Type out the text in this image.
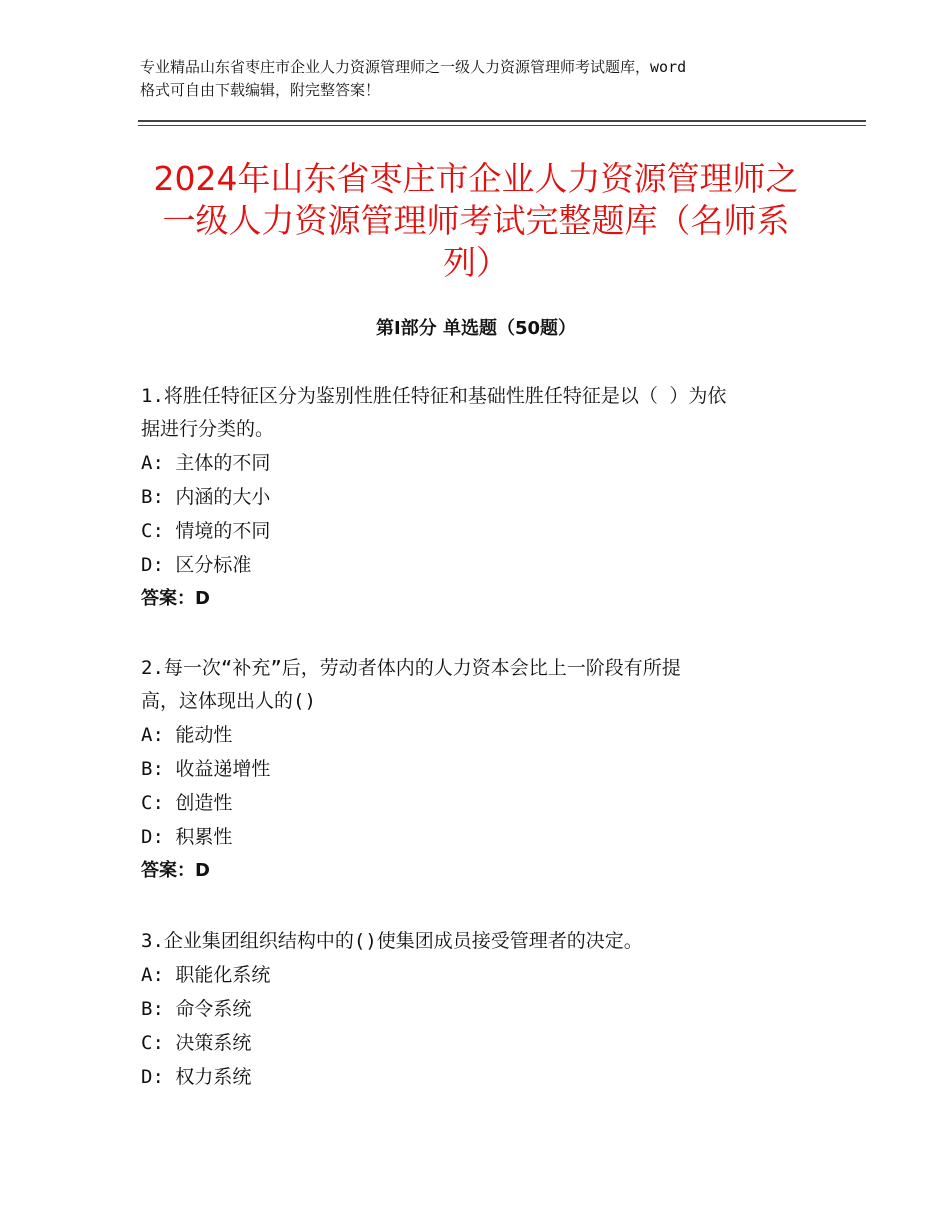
专业精品山东省枣庄市企业人力资源管理师之一级人力资源管理师考试题库，word
格式可自由下载编辑，附完整答案！

2024年山东省枣庄市企业人力资源管理师之
一级人力资源管理师考试完整题库（名师系
列）
第Ⅰ部分 单选题（50题）

1.将胜任特征区分为鉴别性胜任特征和基础性胜任特征是以（ ）为依
据进行分类的。

A: 主体的不同
B: 内涵的大小
C: 情境的不同
D: 区分标准

答案：D

2.每一次“补充”后，劳动者体内的人力资本会比上一阶段有所提
高，这体现出人的()

A: 能动性
B: 收益递增性
C: 创造性
D: 积累性

答案：D

3.企业集团组织结构中的()使集团成员接受管理者的决定。

A: 职能化系统
B: 命令系统
C: 决策系统
D: 权力系统
